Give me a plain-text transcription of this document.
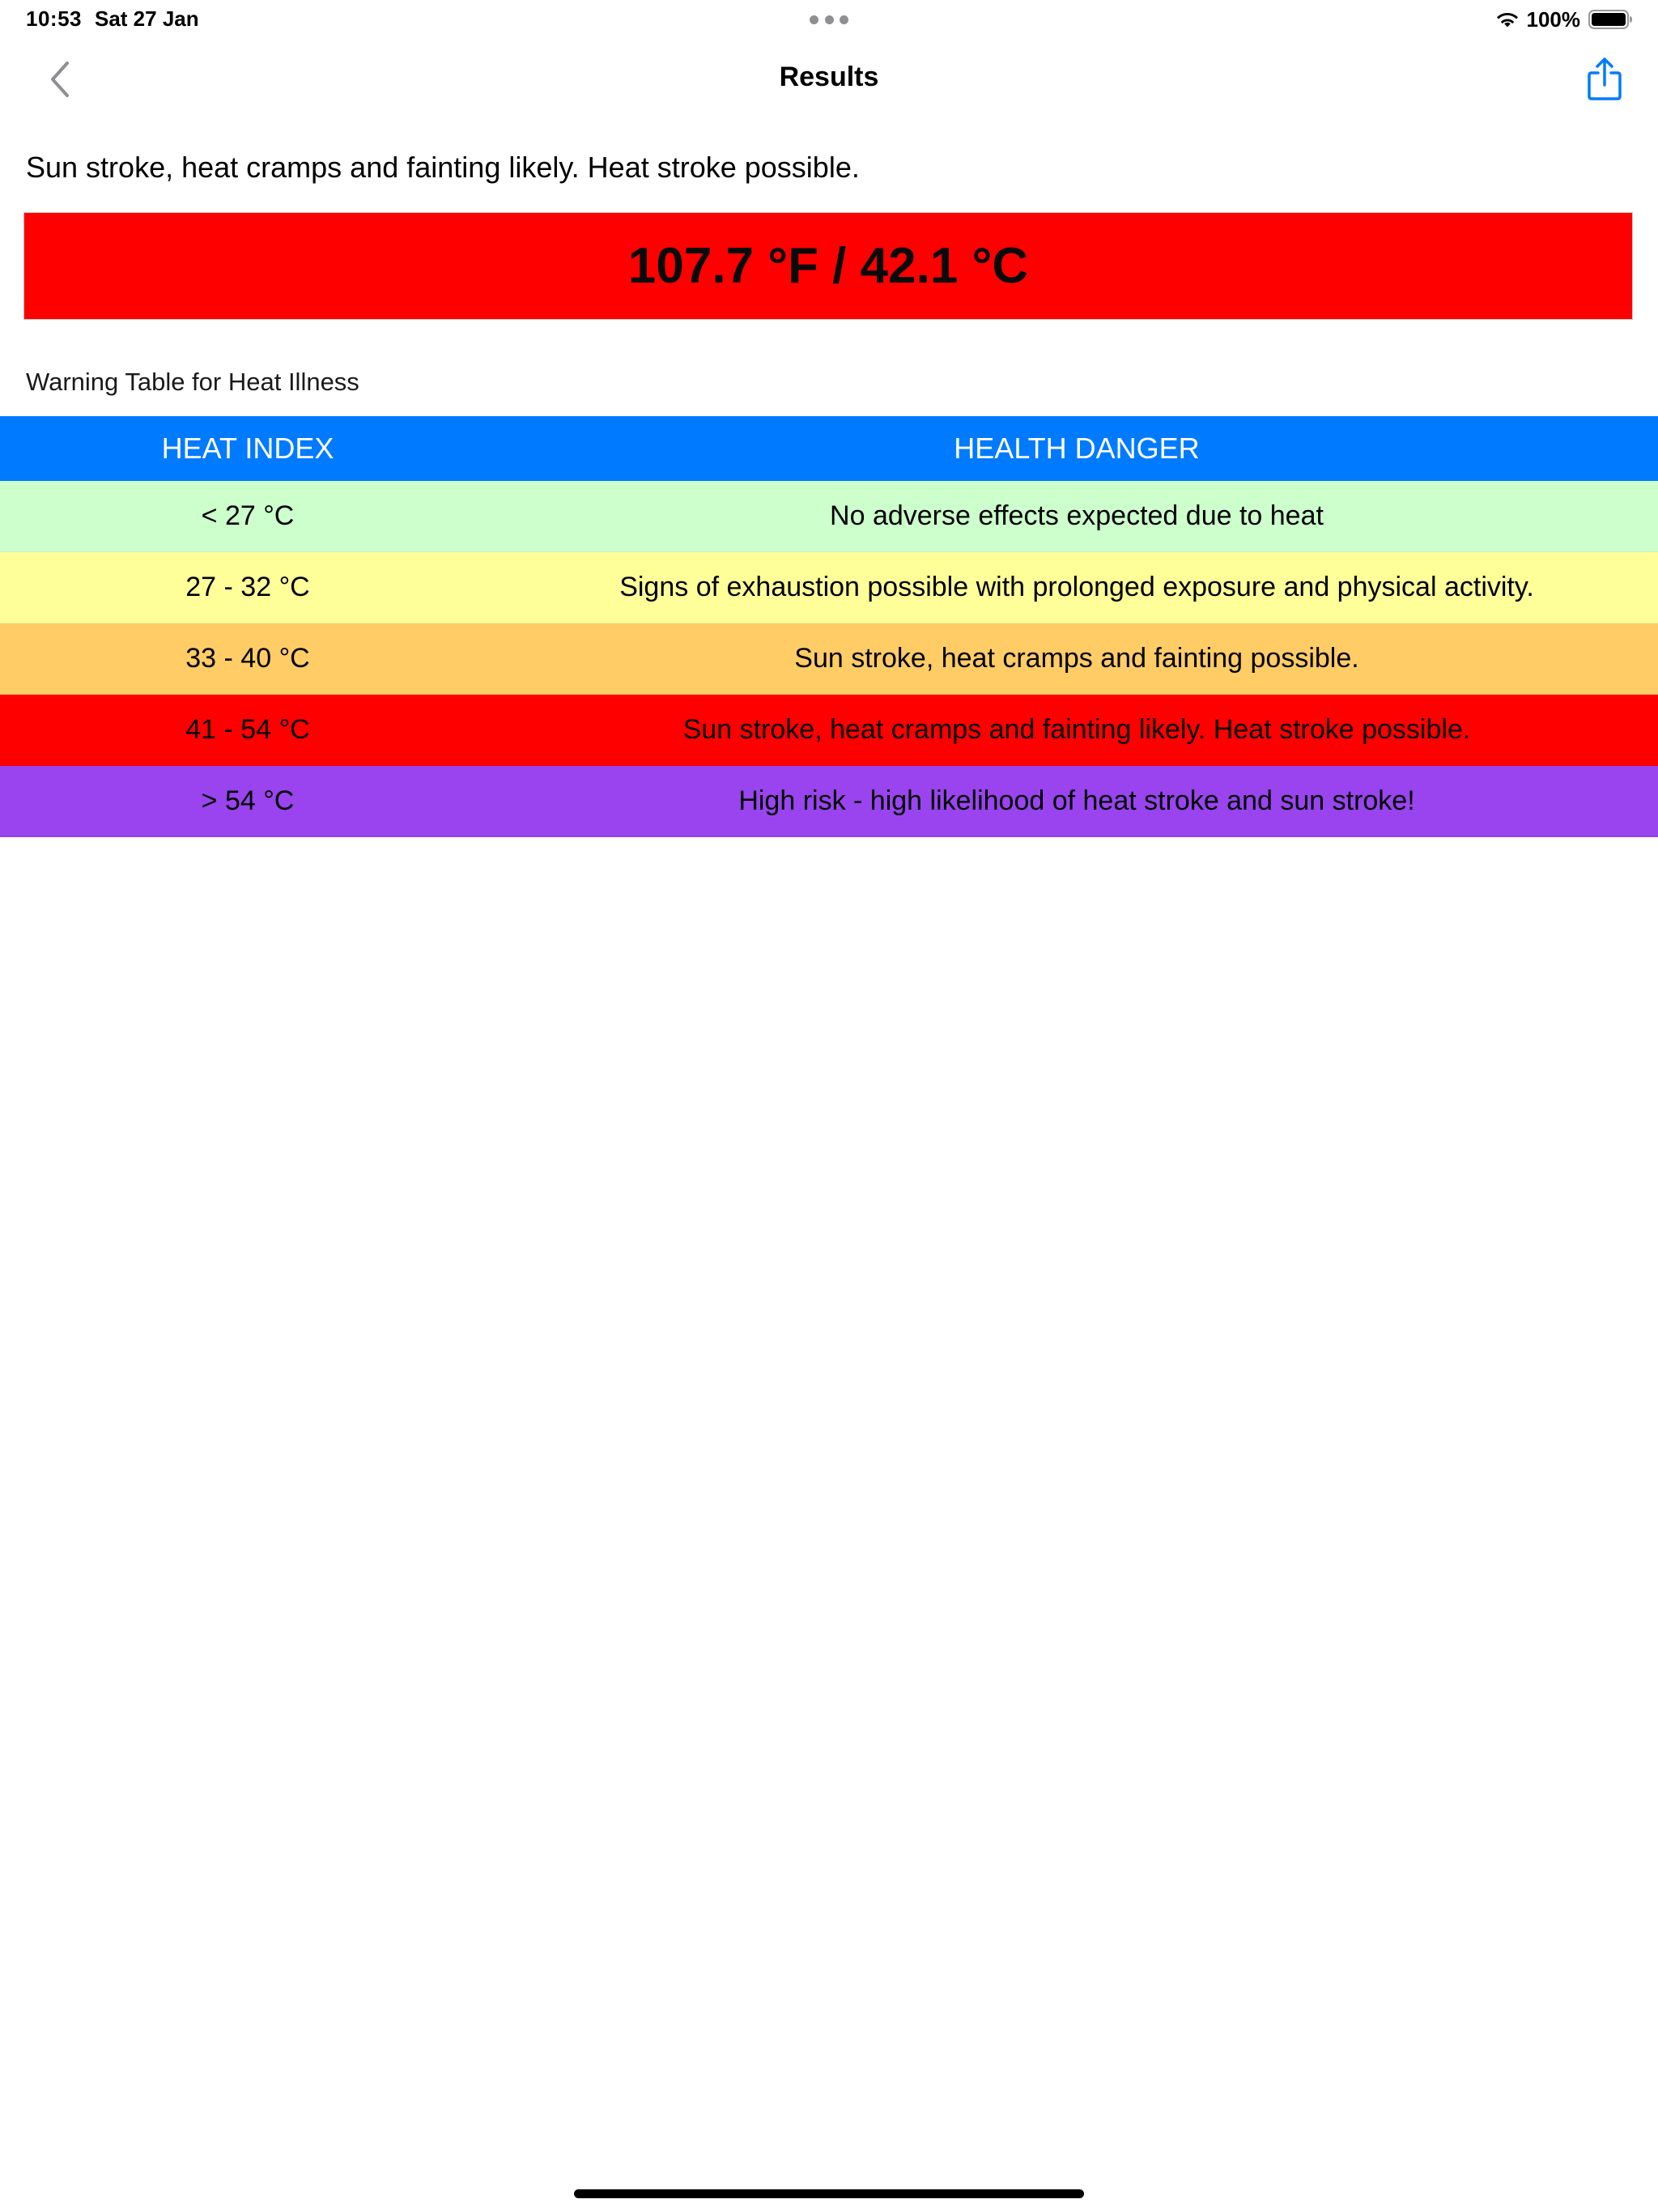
10:53 Sat 27 Jan	100%
Results
Sun stroke, heat cramps and fainting likely. Heat stroke possible.
107.7 °F / 42.1 °C
Warning Table for Heat Illness
HEAT INDEX	HEALTH DANGER
< 27 °C	No adverse effects expected due to heat
27 - 32 °C	Signs of exhaustion possible with prolonged exposure and physical activity.
33 - 40 °C	Sun stroke, heat cramps and fainting possible.
41 - 54 °C	Sun stroke, heat cramps and fainting likely. Heat stroke possible.
> 54 °C	High risk - high likelihood of heat stroke and sun stroke!
